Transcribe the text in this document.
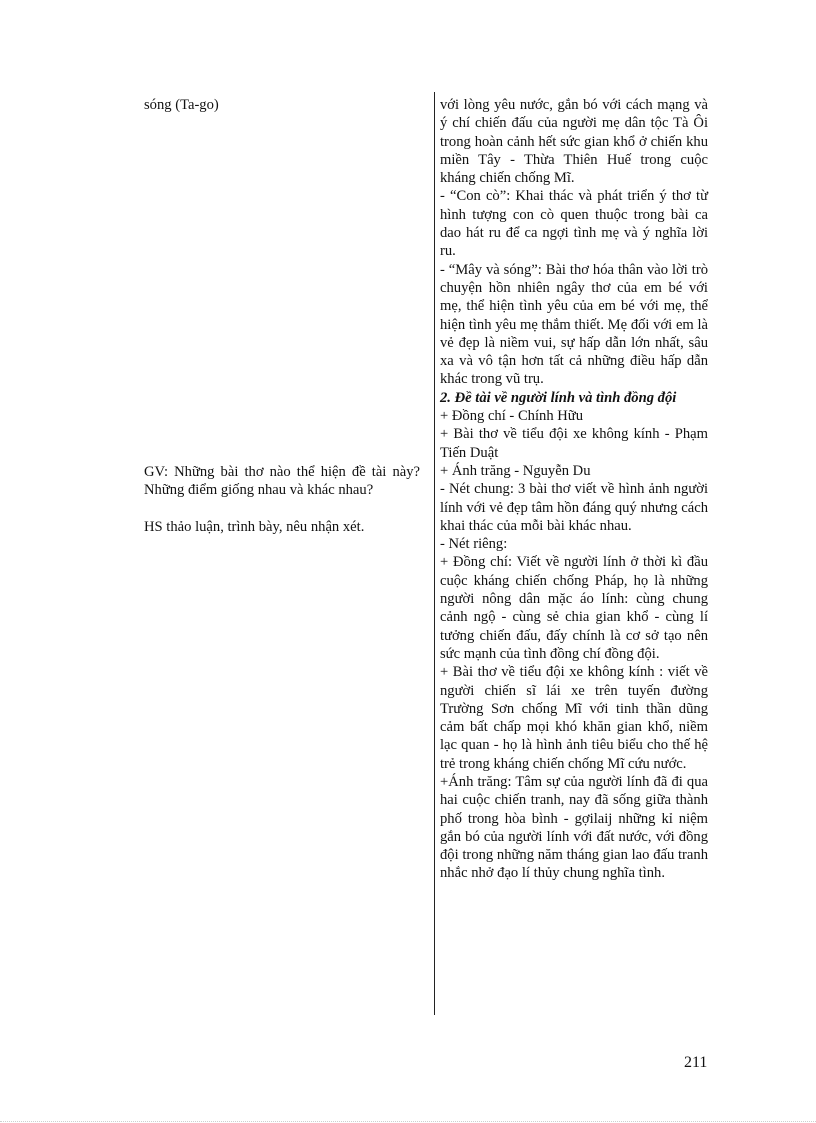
sóng (Ta-go)
GV: Những bài thơ nào thể hiện đề tài này? Những điểm giống nhau và khác nhau?
HS thảo luận, trình bày, nêu nhận xét.

với lòng yêu nước, gắn bó với cách mạng và ý chí chiến đấu của người mẹ dân tộc Tà Ôi trong hoàn cảnh hết sức gian khổ ở chiến khu miền Tây - Thừa Thiên Huế trong cuộc kháng chiến chống Mĩ.

- “Con cò”: Khai thác và phát triển ý thơ từ hình tượng con cò quen thuộc trong bài ca dao hát ru để ca ngợi tình mẹ và ý nghĩa lời ru.

- “Mây và sóng”: Bài thơ hóa thân vào lời trò chuyện hồn nhiên ngây thơ của em bé với mẹ, thể hiện tình yêu của em bé với mẹ, thể hiện tình yêu mẹ thắm thiết. Mẹ đối với em là vẻ đẹp là niềm vui, sự hấp dẫn lớn nhất, sâu xa và vô tận hơn tất cả những điều hấp dẫn khác trong vũ trụ.

2. Đề tài về người lính và tình đồng đội

+ Đồng chí - Chính Hữu

+ Bài thơ về tiểu đội xe không kính - Phạm Tiến Duật

+ Ánh trăng - Nguyễn Du

- Nét chung: 3 bài thơ viết về hình ảnh người lính với vẻ đẹp tâm hồn đáng quý nhưng cách khai thác của mỗi bài khác nhau.

- Nét riêng:

+ Đồng chí: Viết về người lính ở thời kì đầu cuộc kháng chiến chống Pháp, họ là những người nông dân mặc áo lính: cùng chung cảnh ngộ - cùng sẻ chia gian khổ - cùng lí tưởng chiến đấu, đấy chính là cơ sở tạo nên sức mạnh của tình đồng chí đồng đội.

+ Bài thơ về tiểu đội xe không kính : viết về người chiến sĩ lái xe trên tuyến đường Trường Sơn chống Mĩ với tinh thần dũng cảm bất chấp mọi khó khăn gian khổ, niềm lạc quan - họ là hình ảnh tiêu biểu cho thế hệ trẻ trong kháng chiến chống Mĩ cứu nước.

+Ánh trăng: Tâm sự của người lính đã đi qua hai cuộc chiến tranh, nay đã sống giữa thành phố trong hòa bình - gợilaij những kỉ niệm gắn bó của người lính với đất nước, với đồng đội trong những năm tháng gian lao đấu tranh nhắc nhở đạo lí thủy chung nghĩa tình.

211
